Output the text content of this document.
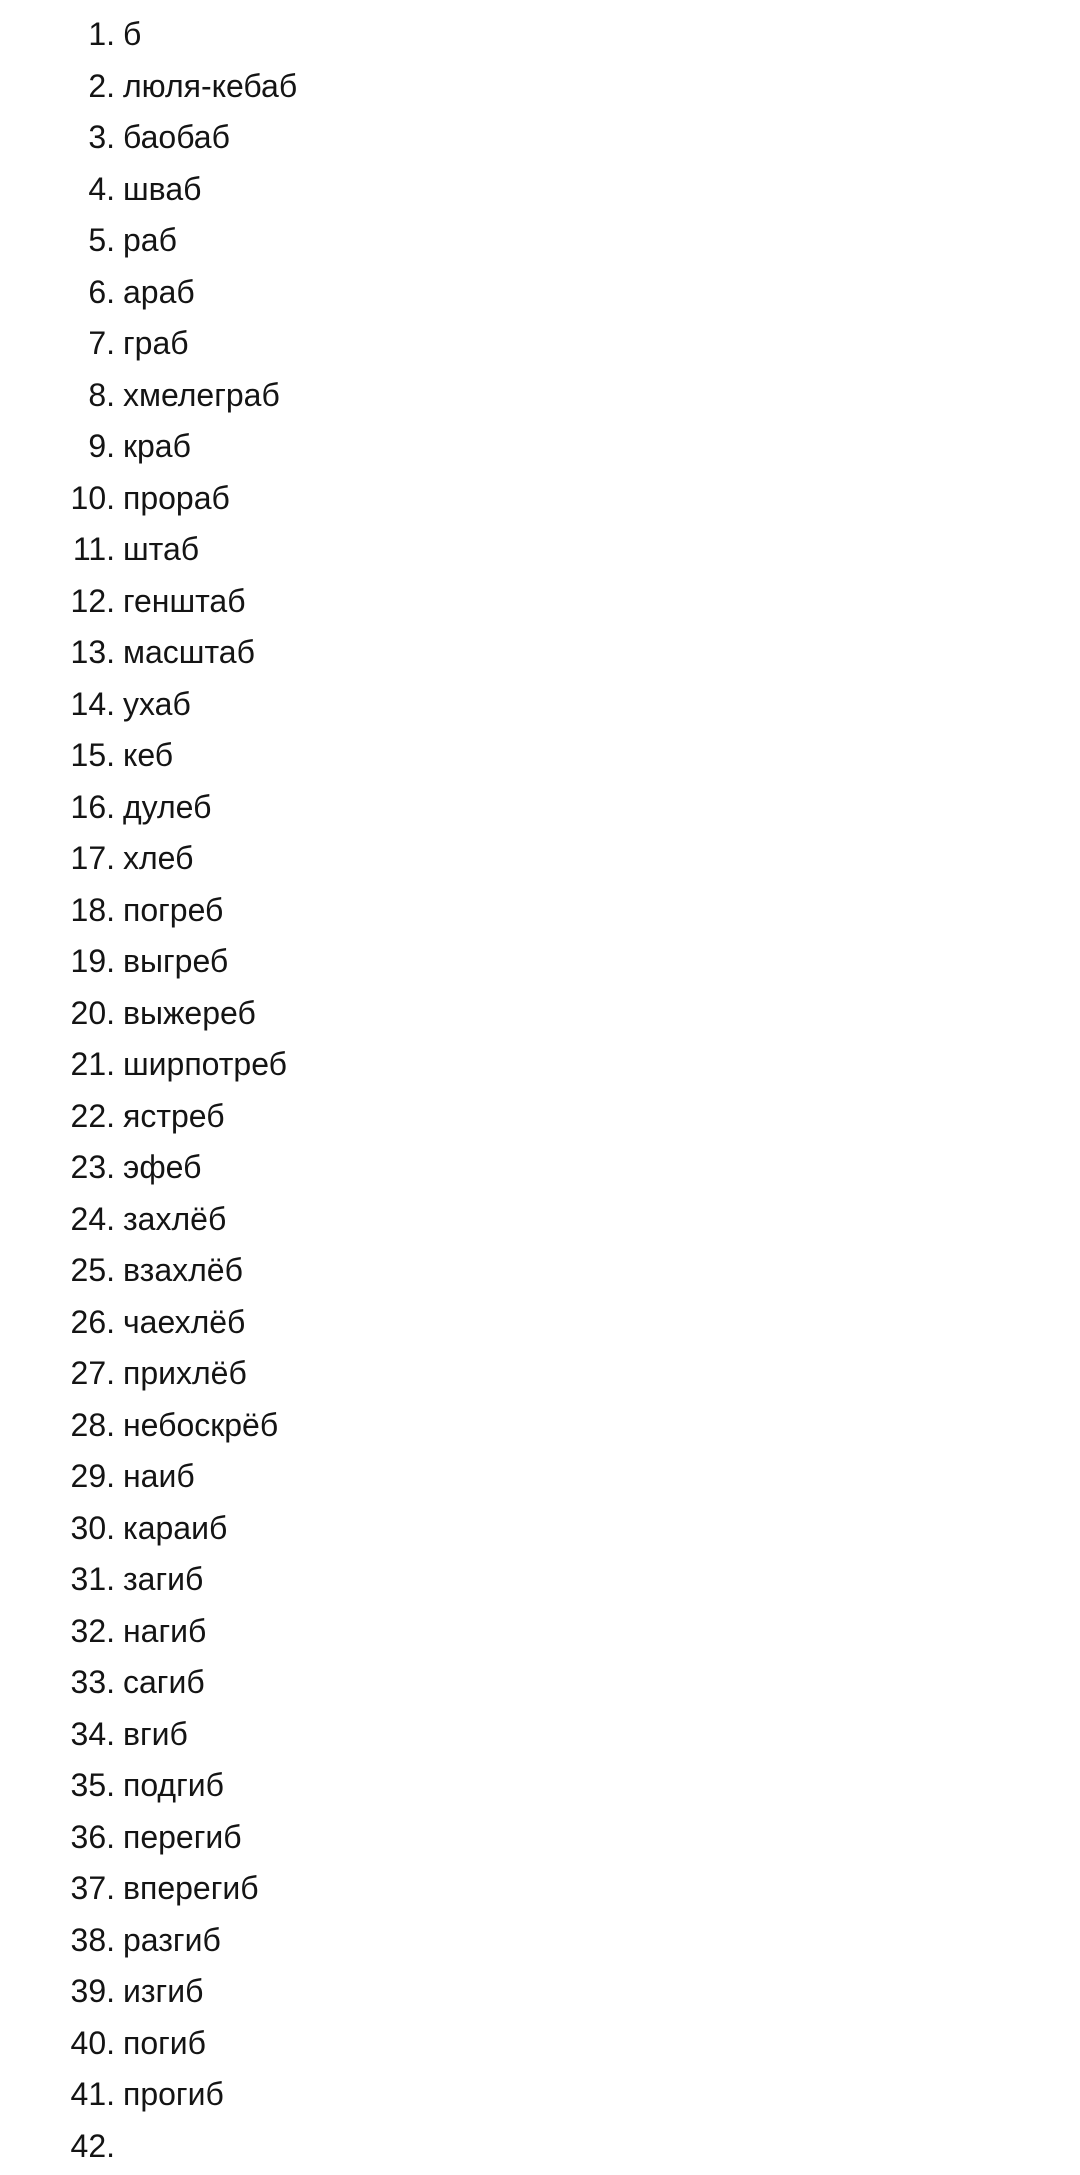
1. б
2. люля-кебаб
3. баобаб
4. шваб
5. раб
6. араб
7. граб
8. хмелеграб
9. краб
10. прораб
11. штаб
12. генштаб
13. масштаб
14. ухаб
15. кеб
16. дулеб
17. хлеб
18. погреб
19. выгреб
20. выжереб
21. ширпотреб
22. ястреб
23. эфеб
24. захлёб
25. взахлёб
26. чаехлёб
27. прихлёб
28. небоскрёб
29. наиб
30. караиб
31. загиб
32. нагиб
33. сагиб
34. вгиб
35. подгиб
36. перегиб
37. вперегиб
38. разгиб
39. изгиб
40. погиб
41. прогиб
42.
